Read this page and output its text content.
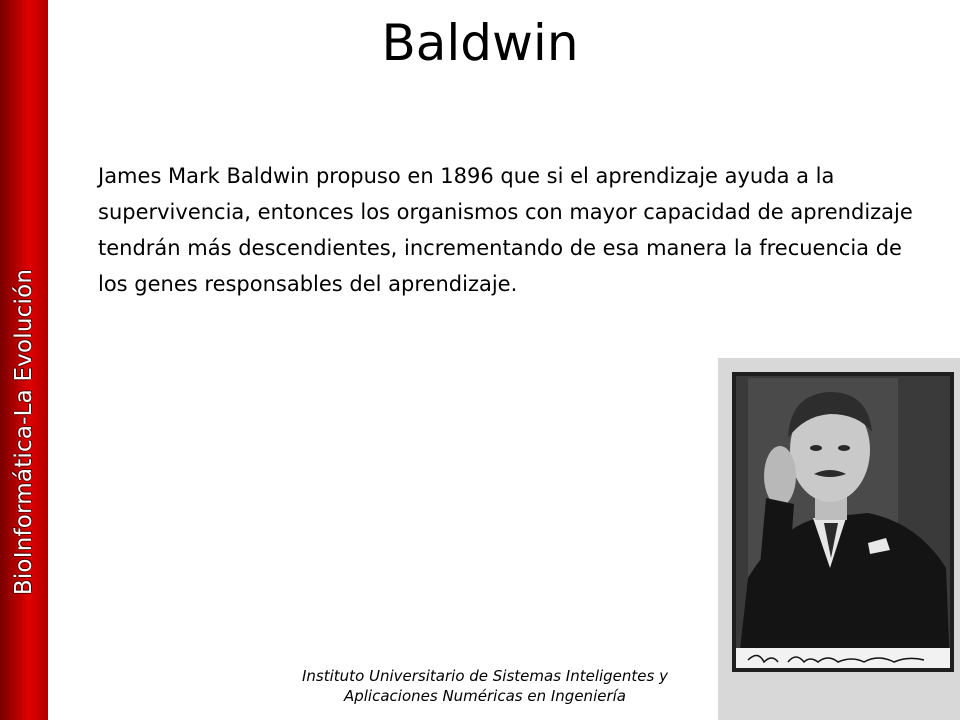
BioInformática-La Evolución
Baldwin
James Mark Baldwin propuso en 1896 que si el aprendizaje ayuda a la supervivencia, entonces los organismos con mayor capacidad de aprendizaje tendrán más descendientes, incrementando de esa manera la frecuencia de los genes responsables del aprendizaje.
Instituto Universitario de Sistemas Inteligentes y
Aplicaciones Numéricas en Ingeniería
